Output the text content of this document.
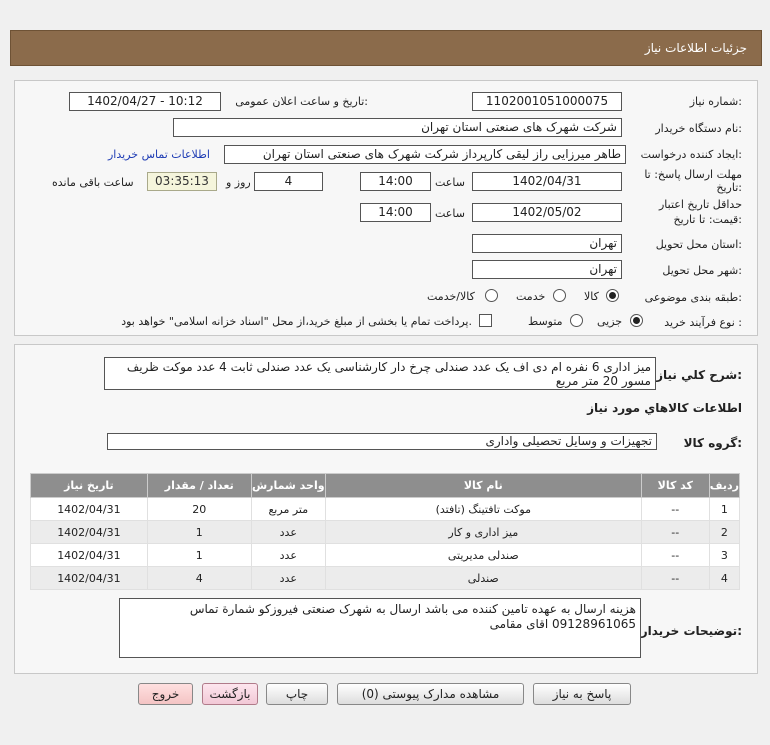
جزئیات اطلاعات نیاز
شماره نیاز:
1102001051000075
تاریخ و ساعت اعلان عمومی:
1402/04/27 - 10:12
نام دستگاه خریدار:
شرکت شهرک های صنعتی استان تهران
ایجاد کننده درخواست:
طاهر میرزایی راز لیقی کارپرداز شرکت شهرک های صنعتی استان تهران
اطلاعات تماس خریدار
مهلت ارسال پاسخ: تا
تاریخ:
1402/04/31
ساعت
14:00
4
روز و
03:35:13
ساعت باقی مانده
حداقل تاریخ اعتبار
قیمت: تا تاریخ:
1402/05/02
ساعت
14:00
استان محل تحویل:
تهران
شهر محل تحویل:
تهران
طبقه بندی موضوعی:
کالا
خدمت
کالا/خدمت
نوع فرآیند خرید :
جزیی
متوسط
پرداخت تمام یا بخشی از مبلغ خرید،از محل "اسناد خزانه اسلامی" خواهد بود.
شرح كلي نياز:
میز اداری 6 نفره ام دی اف یک عدد صندلی چرخ دار کارشناسی یک عدد صندلی ثابت 4 عدد موکت ظریف مسور 20 متر مربع
اطلاعات کالاهاي مورد نياز
گروه کالا:
تجهیزات و وسایل تحصیلی واداری
ردیف	کد کالا	نام کالا	واحد شمارش	تعداد / مقدار	تاریخ نیاز
1	--	موکت تافتینگ (تافتد)	متر مربع	20	1402/04/31
2	--	میز اداری و کار	عدد	1	1402/04/31
3	--	صندلی مدیریتی	عدد	1	1402/04/31
4	--	صندلی	عدد	4	1402/04/31
توضیحات خریدار:
هزینه ارسال به عهده تامین کننده می باشد ارسال به شهرک صنعتی فیروزکو شمارة تماس 09128961065 اقای مقامی
پاسخ به نیاز
مشاهده مدارک پیوستی (0)
چاپ
بازگشت
خروج
